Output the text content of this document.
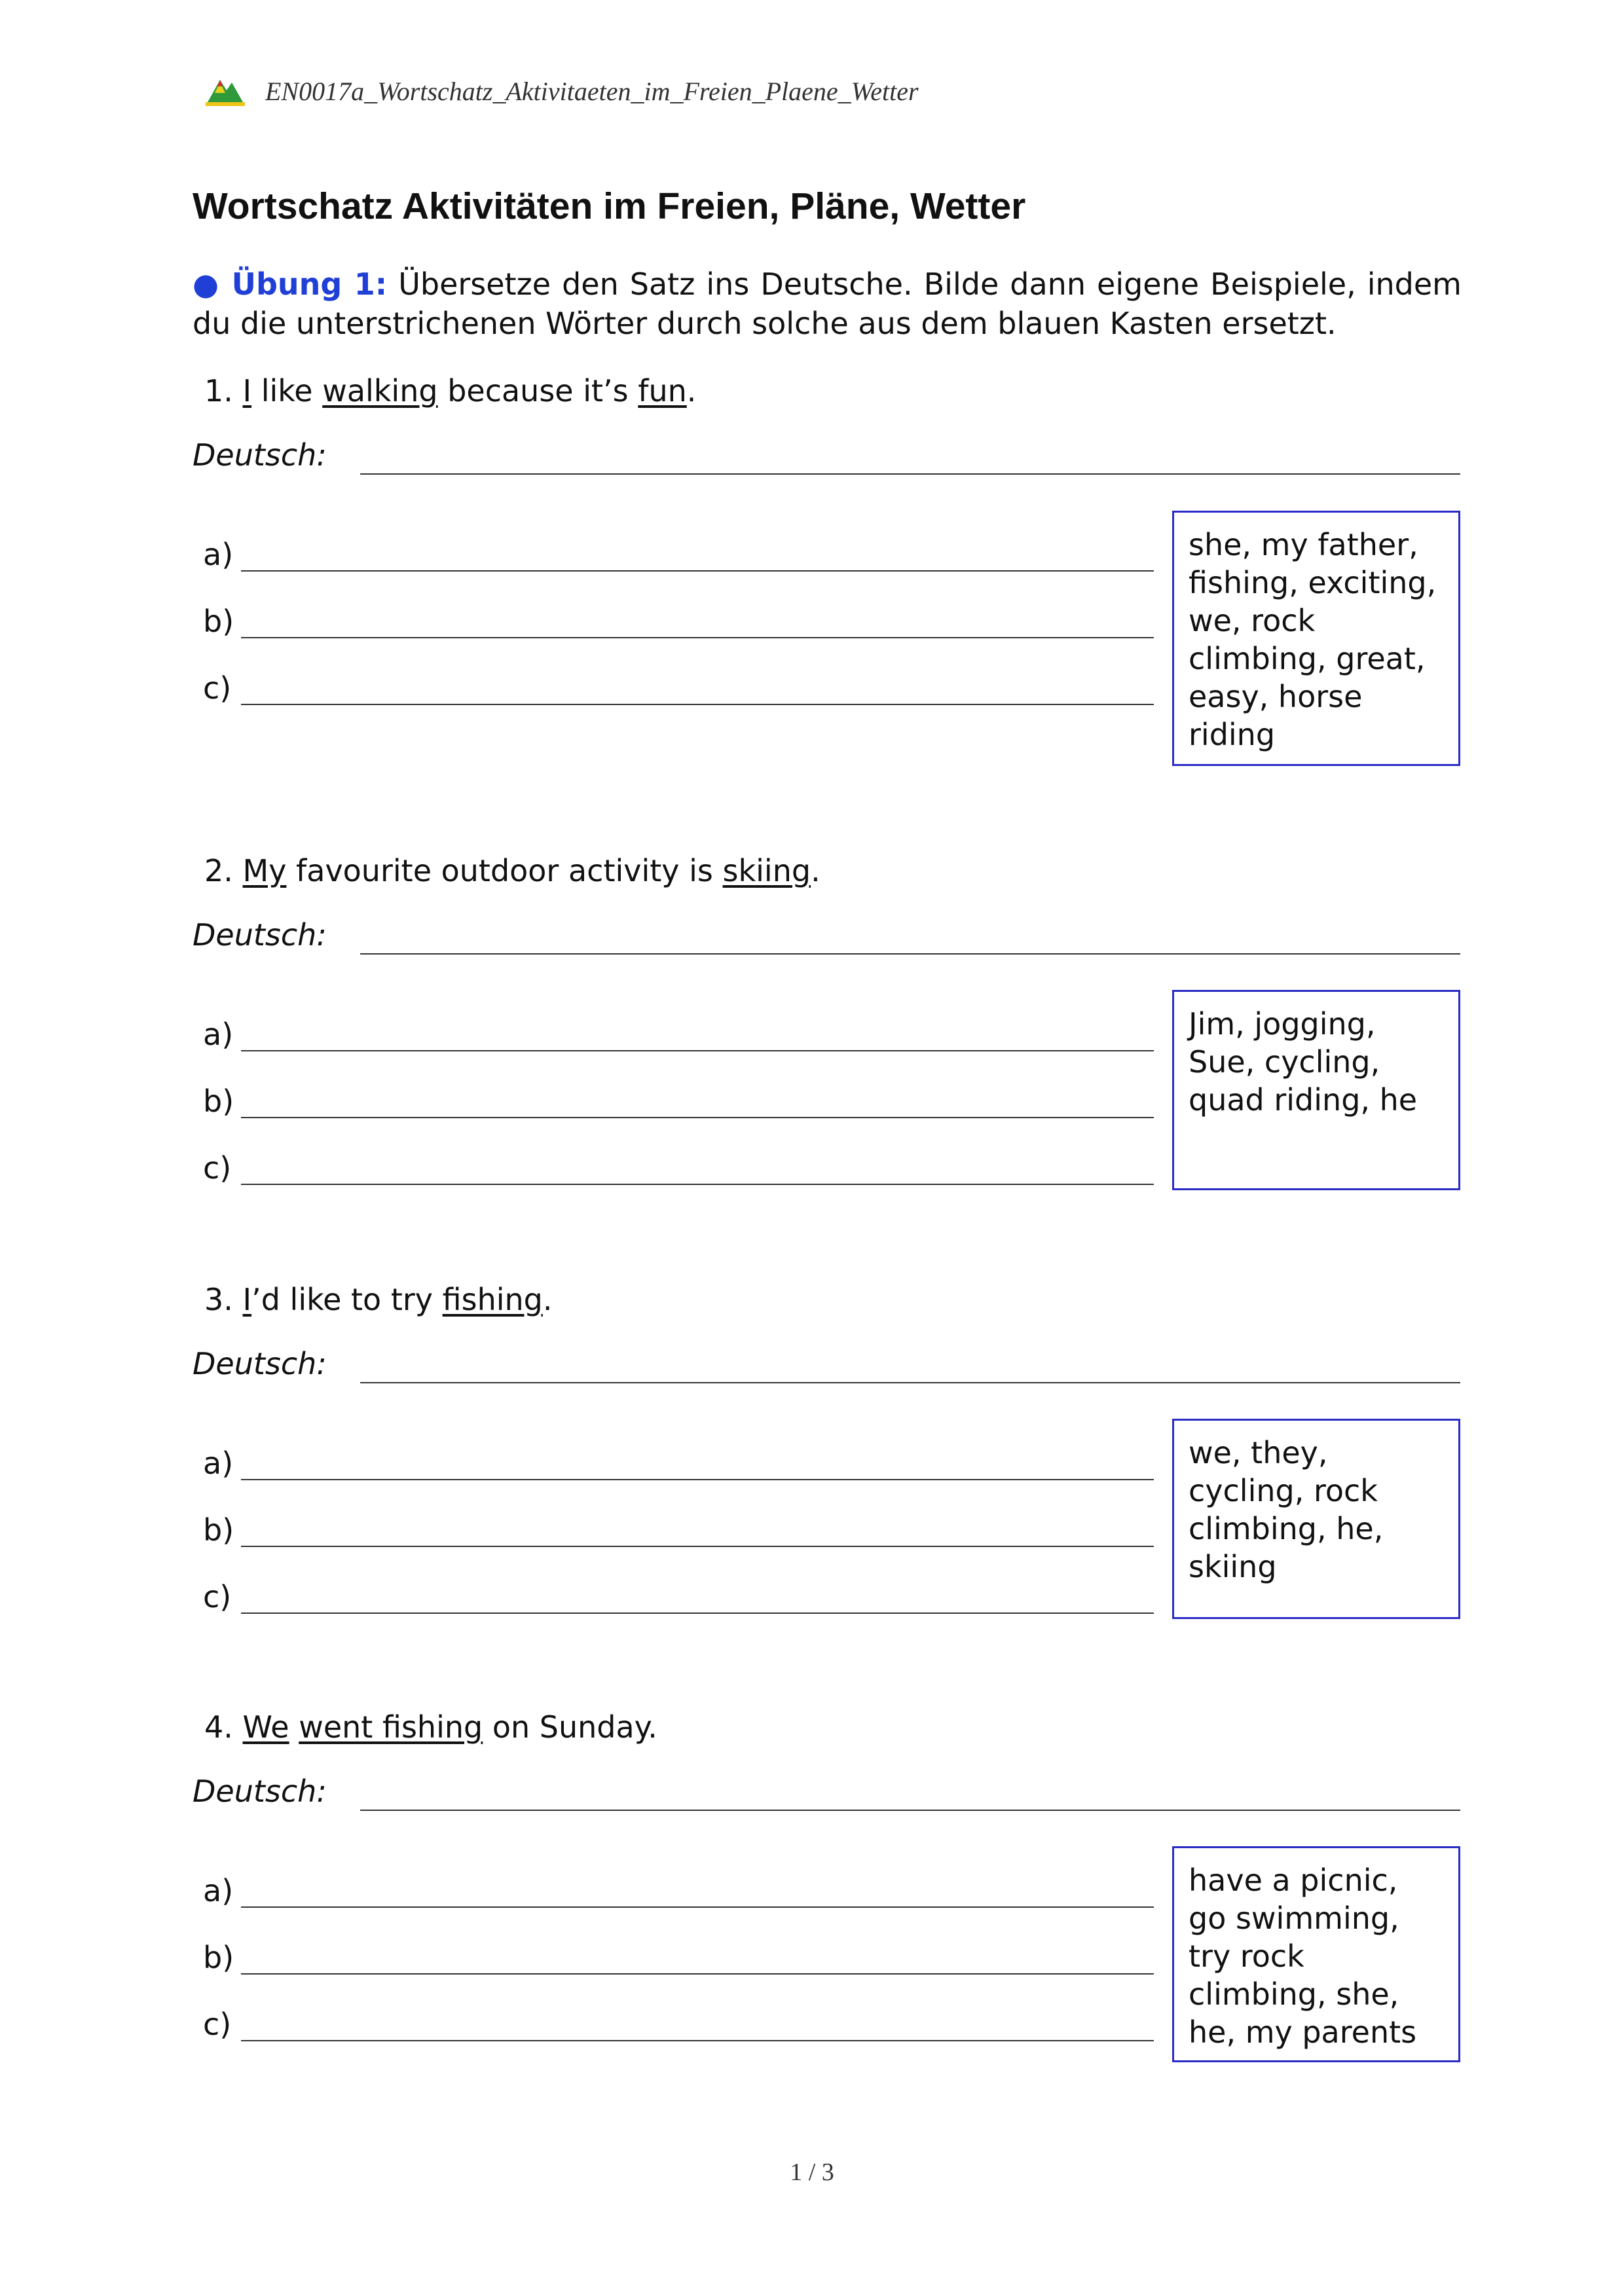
EN0017a_Wortschatz_Aktivitaeten_im_Freien_Plaene_Wetter
Wortschatz Aktivitäten im Freien, Pläne, Wetter

● Übung 1: Übersetze den Satz ins Deutsche. Bilde dann eigene Beispiele, indem du die unterstrichenen Wörter durch solche aus dem blauen Kasten ersetzt.

1. I like walking because it’s fun.

Deutsch:
a)
b)
c)
she, my father, fishing, exciting, we, rock climbing, great, easy, horse riding

2. My favourite outdoor activity is skiing.

Deutsch:
a)
b)
c)
Jim, jogging, Sue, cycling, quad riding, he

3. I’d like to try fishing.

Deutsch:
a)
b)
c)
we, they, cycling, rock climbing, he, skiing

4. We went fishing on Sunday.

Deutsch:
a)
b)
c)
have a picnic, go swimming, try rock climbing, she, he, my parents
1 / 3
